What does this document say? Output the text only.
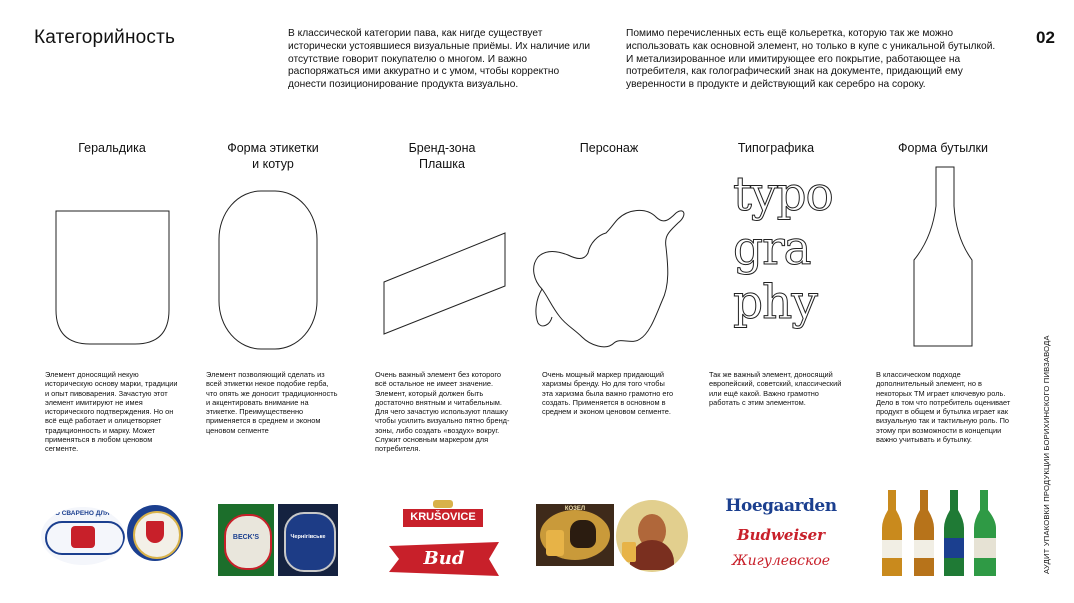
Категорийность	В классической категории пава, как нигде существует исторически устоявшиеся визуальные приёмы. Их наличие или отсутствие говорит покупателю о многом. И важно распоряжаться ими аккуратно и с умом, чтобы корректно донести позиционирование продукта визуально.
Помимо перечисленных есть ещё кольеретка, которую так же можно использовать как основной элемент, но только в купе с уникальной бутылкой. И метализированное или имитирующее его покрытие, работающее на потребителя, как голографический знак на документе, придающий ему уверенности в продукте и действующий как серебро на сороку.
02
АУДИТ УПАКОВКИ ПРОДУКЦИИ БОРИХИНСКОГО ПИВЗАВОДА
Геральдика
Элемент доносящий некую историческую основу марки, традиции и опыт пивоварения. Зачастую этот элемент имитируют не имея исторического подтверждения. Но он всё ещё работает и олицетворяет традиционность и марку. Может применяться в любом ценовом сегменте.
ПИВО СВАРЕНО ДЛЯ ВАС
Форма этикетки
и котур
Элемент позволяющий сделать из всей этикетки некое подобие герба, что опять же доносит традиционность и акцентировать внимание на этикетке. Преимущественно применяется в среднем и эконом ценовом сегменте
BECK'S	Чернігівське
Бренд-зона
Плашка
Очень важный элемент без которого всё остальное не имеет значение. Элемент, который должен быть достаточно внятным и читабельным. Для чего зачастую используют плашку чтобы усилить визуально пятно бренд-зоны, либо создать «воздух» вокруг. Служит основным маркером для потребителя.
KRUŠOVICE
Bud
Персонаж
Очень мощный маркер придающий харизмы бренду. Но для того чтобы эта харизма была важно грамотно его создать. Применяется в основном в среднем и эконом ценовом сегменте.
КОЗЕЛ
Типографика
typo
gra
phy
Так же важный элемент, доносящий европейский, советский, классический или ещё какой. Важно грамотно работать с этим элементом.
Hoegaarden
Budweiser
Жигулевское
Форма бутылки
В классическом подходе дополнительный элемент, но в некоторых ТМ играет ключевую роль. Дело в том что потребитель оценивает продукт в общем и бутылка играет как визуальную так и тактильную роль. По этому при возможности в концепции важно учитывать и бутылку.
